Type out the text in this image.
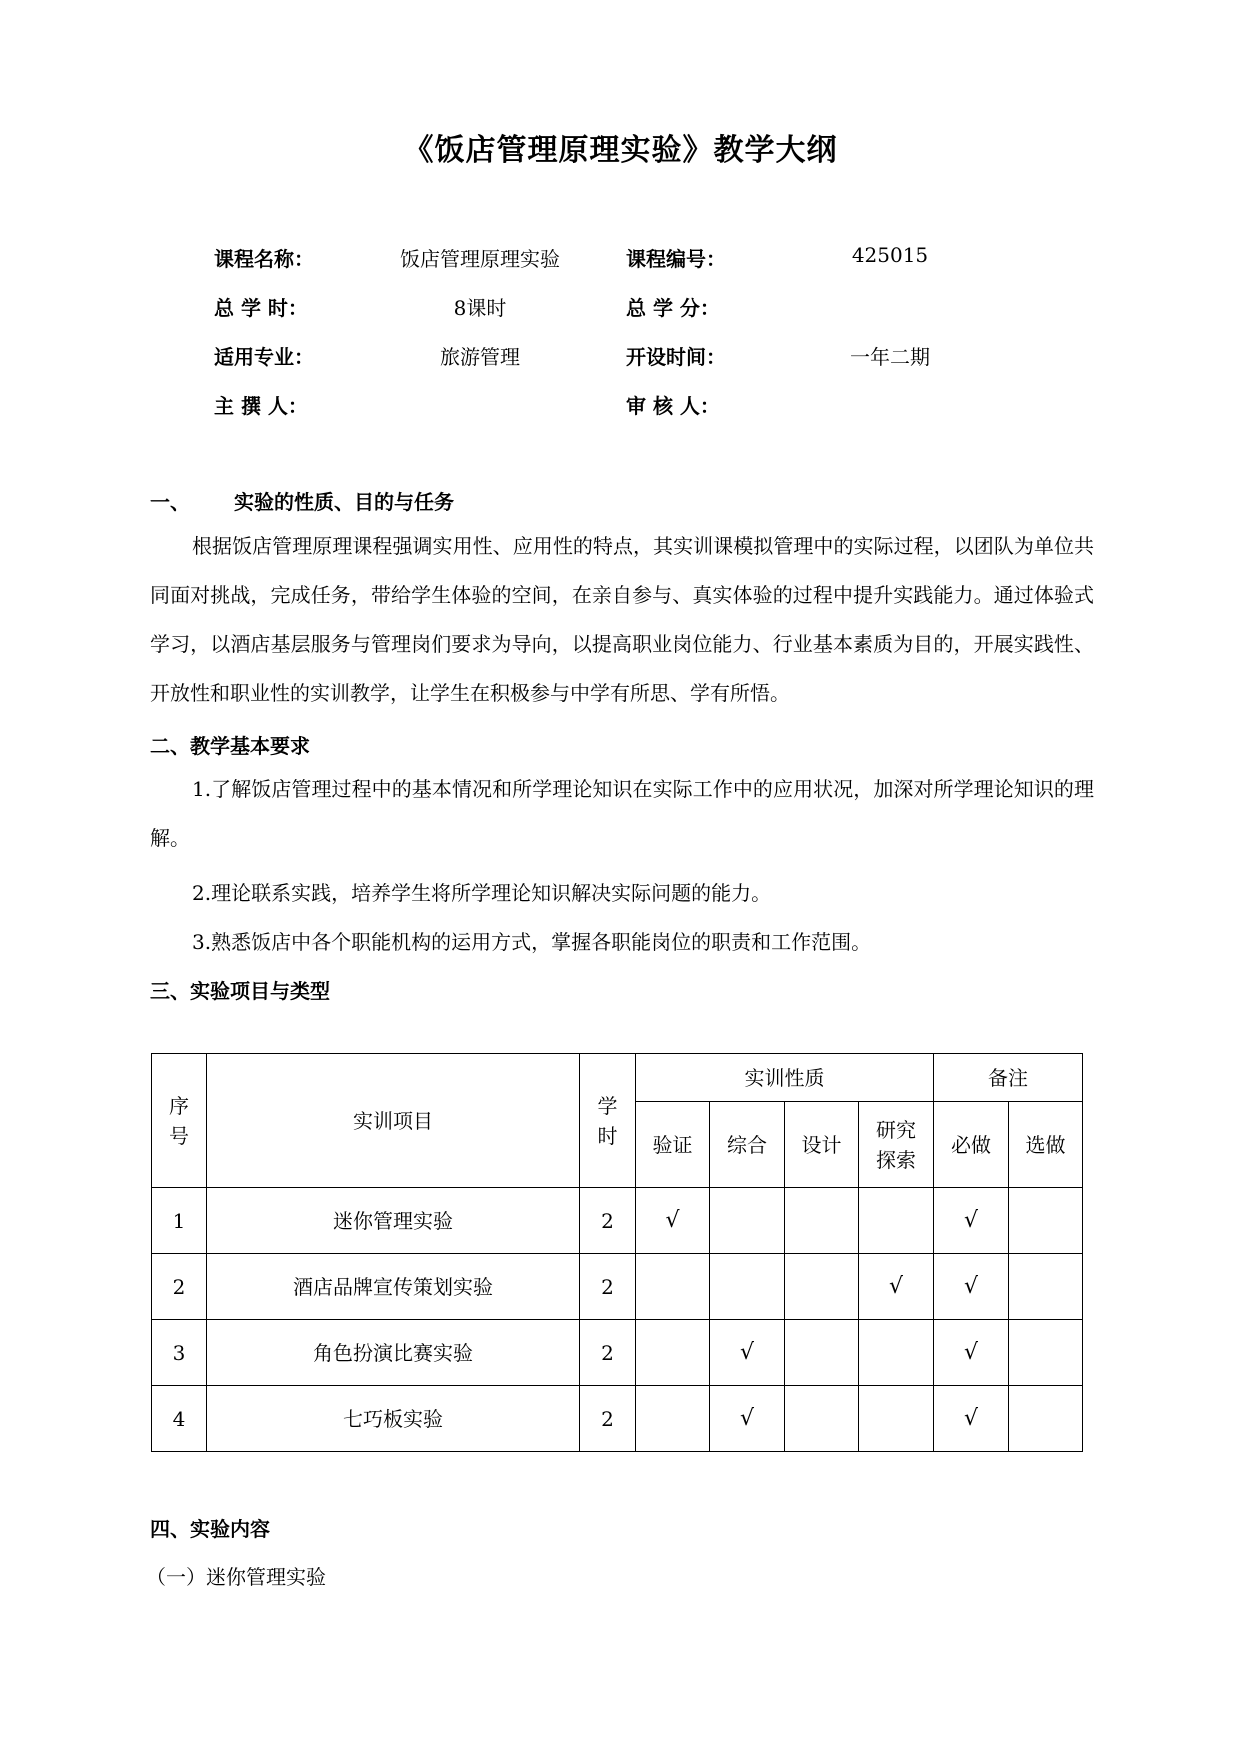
《饭店管理原理实验》教学大纲
课程名称：	饭店管理原理实验	课程编号：	425015
总 学 时：	8课时	总 学 分：
适用专业：	旅游管理	开设时间：	一年二期
主 撰 人：	审 核 人：
一、 实验的性质、目的与任务

根据饭店管理原理课程强调实用性、应用性的特点，其实训课模拟管理中的实际过程，以团队为单位共同面对挑战，完成任务，带给学生体验的空间，在亲自参与、真实体验的过程中提升实践能力。通过体验式学习，以酒店基层服务与管理岗们要求为导向，以提高职业岗位能力、行业基本素质为目的，开展实践性、开放性和职业性的实训教学，让学生在积极参与中学有所思、学有所悟。

二、教学基本要求

1.了解饭店管理过程中的基本情况和所学理论知识在实际工作中的应用状况，加深对所学理论知识的理解。

2.理论联系实践，培养学生将所学理论知识解决实际问题的能力。
3.熟悉饭店中各个职能机构的运用方式，掌握各职能岗位的职责和工作范围。
三、实验项目与类型
序号	实训项目	学时	实训性质				备注	
			验证	综合	设计	研究探索	必做	选做
1	迷你管理实验	2	√				√	
2	酒店品牌宣传策划实验	2				√	√	
3	角色扮演比赛实验	2		√			√	
4	七巧板实验	2		√			√	
四、实验内容
（一）迷你管理实验
